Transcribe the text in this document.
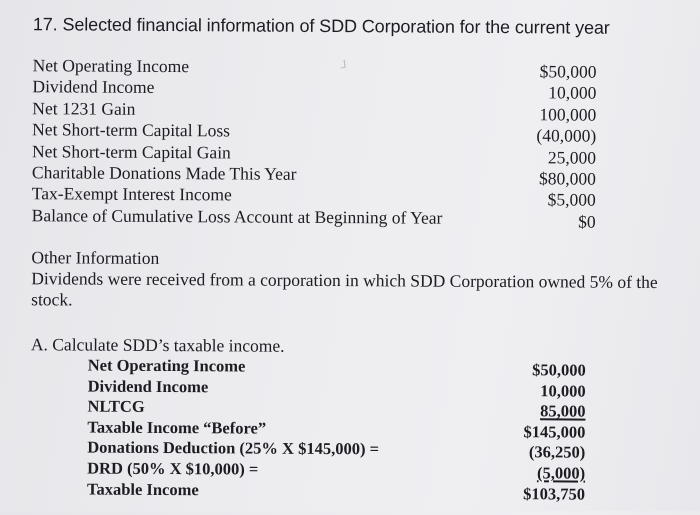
17. Selected financial information of SDD Corporation for the current year
ᒧ
Net Operating Income
Dividend Income
Net 1231 Gain
Net Short-term Capital Loss
Net Short-term Capital Gain
Charitable Donations Made This Year
Tax-Exempt Interest Income
Balance of Cumulative Loss Account at Beginning of Year
$50,000
10,000
100,000
(40,000)
25,000
$80,000
$5,000
$0
Other Information
Dividends were received from a corporation in which SDD Corporation owned 5% of the
stock.
A. Calculate SDD’s taxable income.
Net Operating Income
Dividend Income
NLTCG
Taxable Income “Before”
Donations Deduction (25% X $145,000) =
DRD (50% X $10,000) =
Taxable Income
$50,000
10,000
85,000
$145,000
(36,250)
(5,000)
$103,750
